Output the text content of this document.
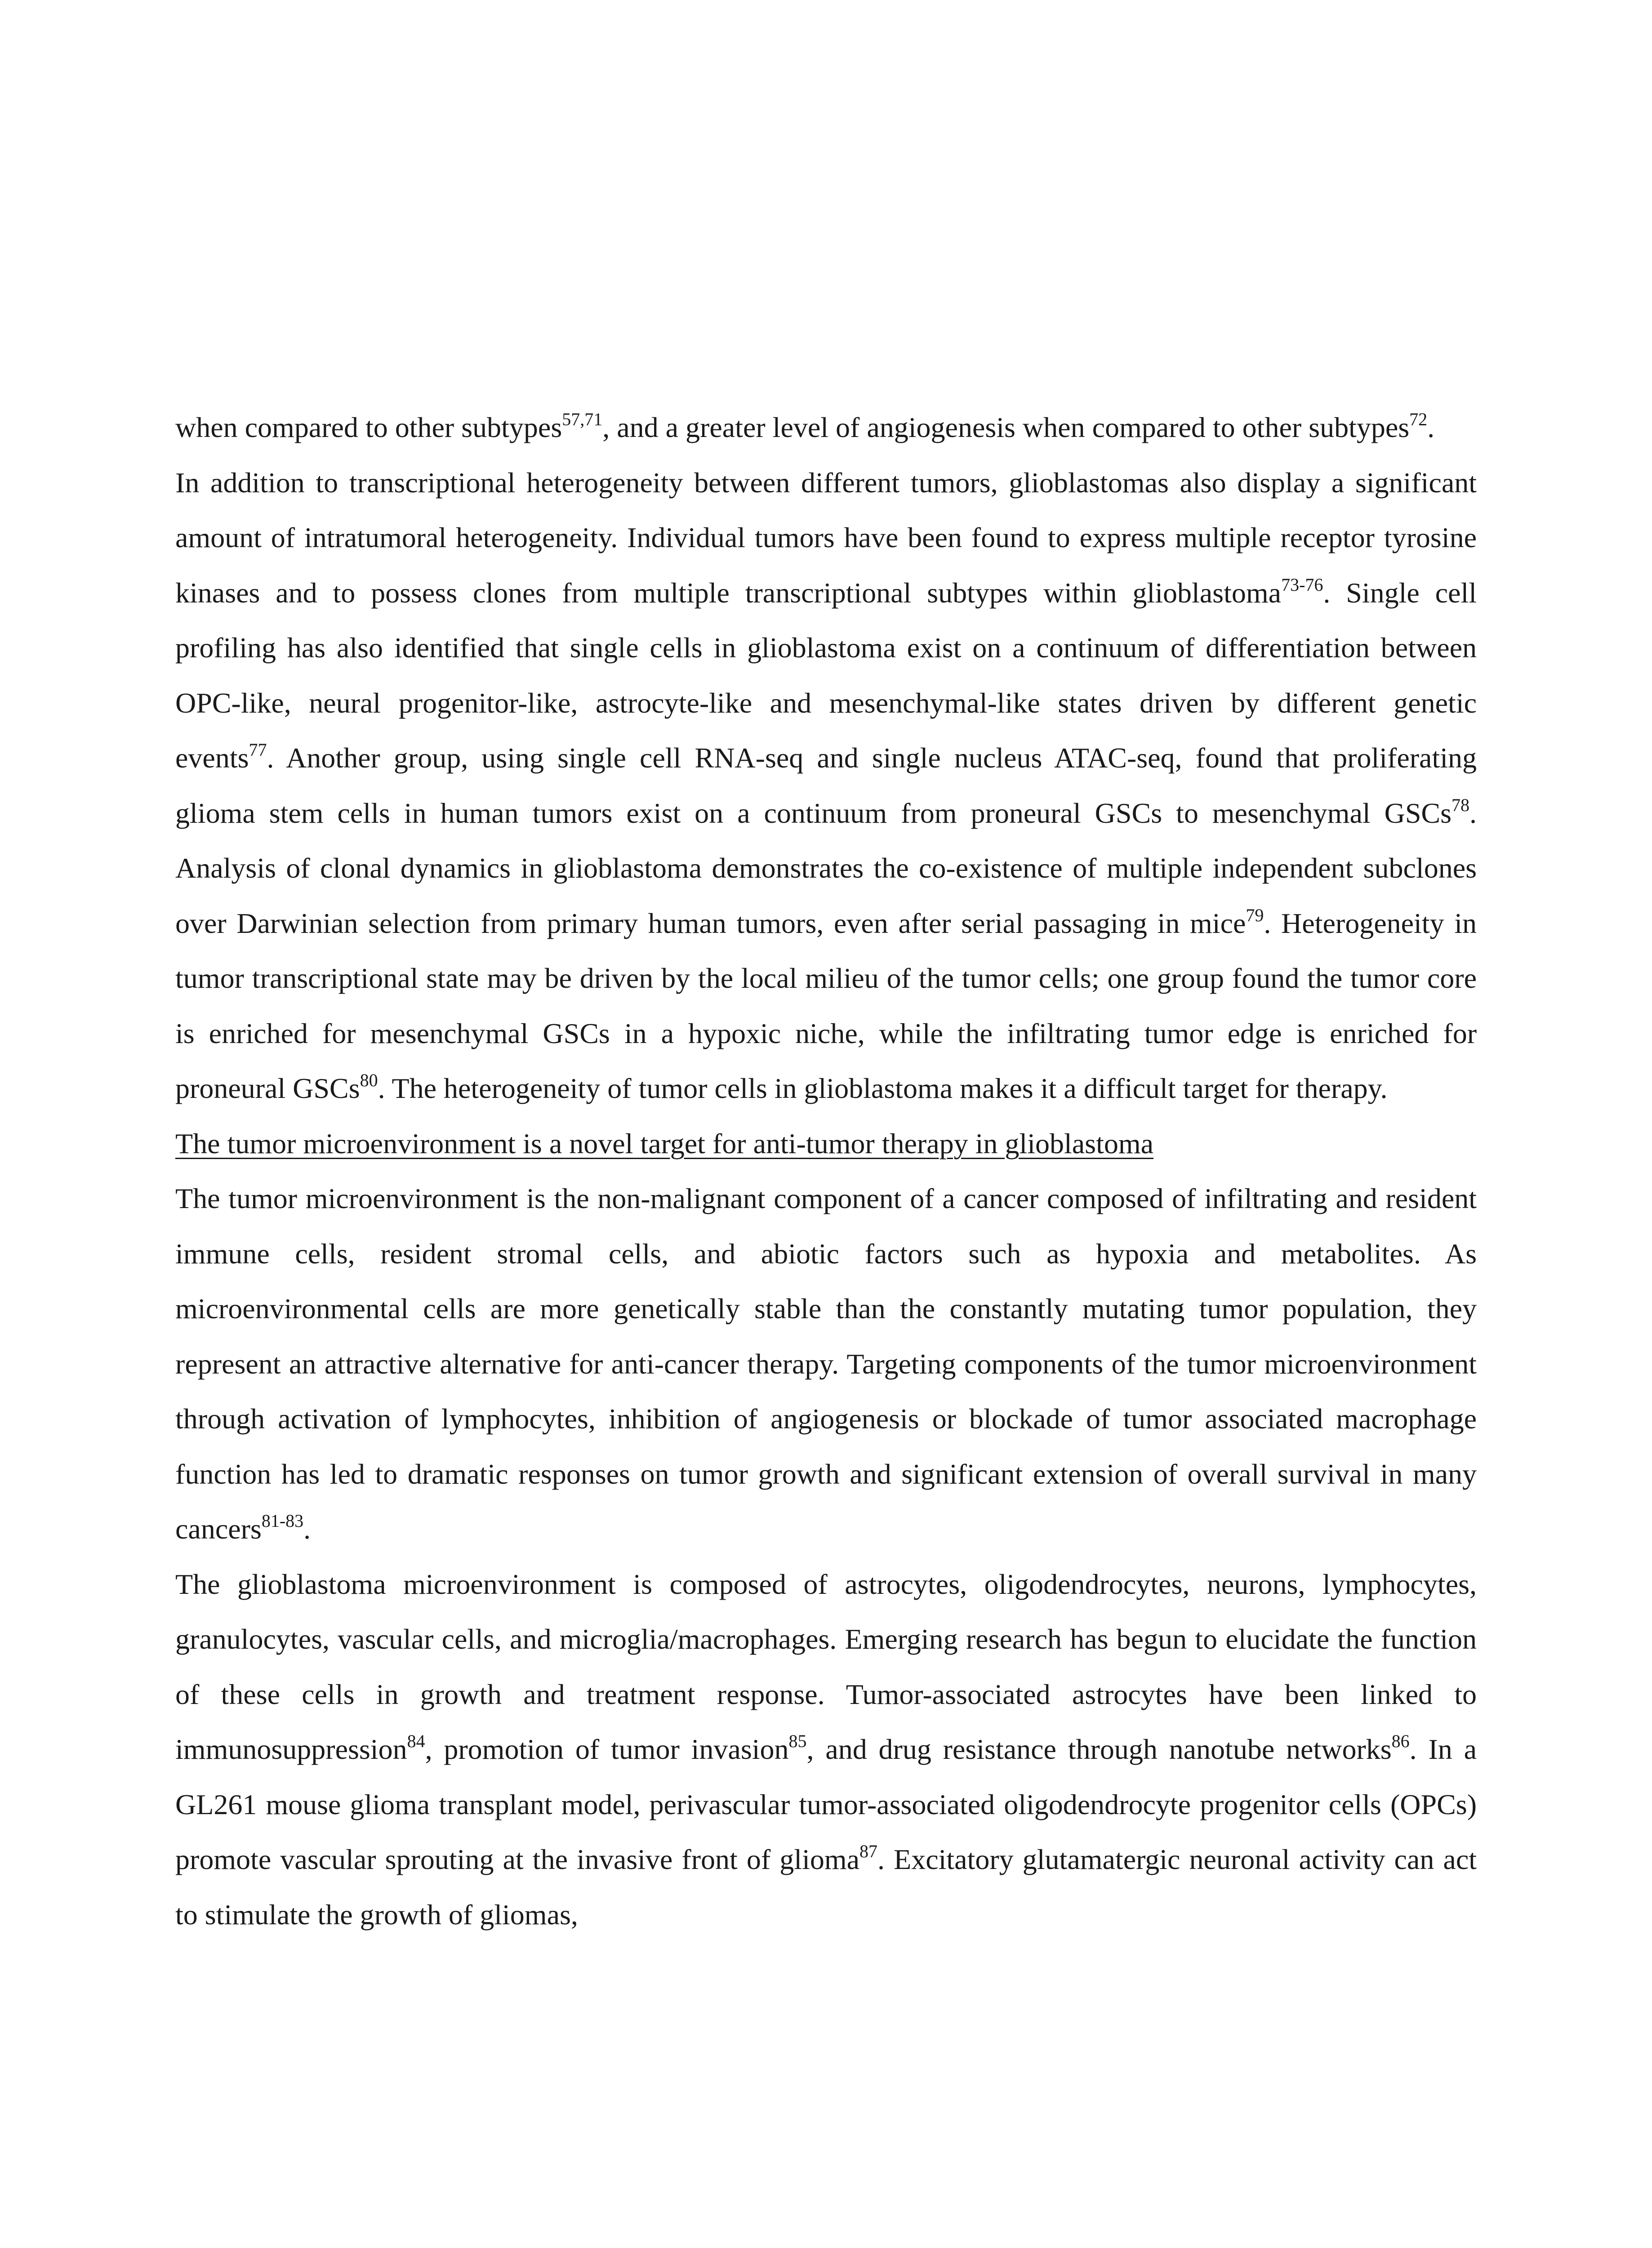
when compared to other subtypes$^{57,71}$, and a greater level of angiogenesis when compared to other subtypes$^{72}$.

In addition to transcriptional heterogeneity between different tumors, glioblastomas also display a significant amount of intratumoral heterogeneity. Individual tumors have been found to express multiple receptor tyrosine kinases and to possess clones from multiple transcriptional subtypes within glioblastoma$^{73-76}$. Single cell profiling has also identified that single cells in glioblastoma exist on a continuum of differentiation between OPC-like, neural progenitor-like, astrocyte-like and mesenchymal-like states driven by different genetic events$^{77}$. Another group, using single cell RNA-seq and single nucleus ATAC-seq, found that proliferating glioma stem cells in human tumors exist on a continuum from proneural GSCs to mesenchymal GSCs$^{78}$. Analysis of clonal dynamics in glioblastoma demonstrates the co-existence of multiple independent subclones over Darwinian selection from primary human tumors, even after serial passaging in mice$^{79}$. Heterogeneity in tumor transcriptional state may be driven by the local milieu of the tumor cells; one group found the tumor core is enriched for mesenchymal GSCs in a hypoxic niche, while the infiltrating tumor edge is enriched for proneural GSCs$^{80}$. The heterogeneity of tumor cells in glioblastoma makes it a difficult target for therapy.

The tumor microenvironment is a novel target for anti-tumor therapy in glioblastoma

The tumor microenvironment is the non-malignant component of a cancer composed of infiltrating and resident immune cells, resident stromal cells, and abiotic factors such as hypoxia and metabolites. As microenvironmental cells are more genetically stable than the constantly mutating tumor population, they represent an attractive alternative for anti-cancer therapy. Targeting components of the tumor microenvironment through activation of lymphocytes, inhibition of angiogenesis or blockade of tumor associated macrophage function has led to dramatic responses on tumor growth and significant extension of overall survival in many cancers$^{81-83}$.

The glioblastoma microenvironment is composed of astrocytes, oligodendrocytes, neurons, lymphocytes, granulocytes, vascular cells, and microglia/macrophages. Emerging research has begun to elucidate the function of these cells in growth and treatment response. Tumor-associated astrocytes have been linked to immunosuppression$^{84}$, promotion of tumor invasion$^{85}$, and drug resistance through nanotube networks$^{86}$. In a GL261 mouse glioma transplant model, perivascular tumor-associated oligodendrocyte progenitor cells (OPCs) promote vascular sprouting at the invasive front of glioma$^{87}$. Excitatory glutamatergic neuronal activity can act to stimulate the growth of gliomas,
